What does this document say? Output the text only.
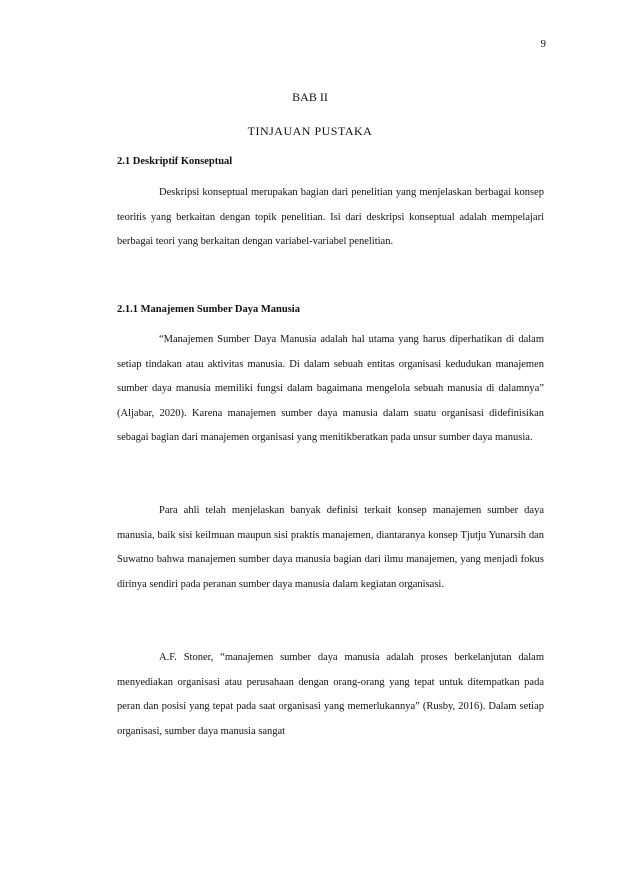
9
BAB II
TINJAUAN PUSTAKA
2.1 Deskriptif Konseptual

Deskripsi konseptual merupakan bagian dari penelitian yang menjelaskan berbagai konsep teoritis yang berkaitan dengan topik penelitian. Isi dari deskripsi konseptual adalah mempelajari berbagai teori yang berkaitan dengan variabel-variabel penelitian.

2.1.1 Manajemen Sumber Daya Manusia

“Manajemen Sumber Daya Manusia adalah hal utama yang harus diperhatikan di dalam setiap tindakan atau aktivitas manusia. Di dalam sebuah entitas organisasi kedudukan manajemen sumber daya manusia memiliki fungsi dalam bagaimana mengelola sebuah manusia di dalamnya” (Aljabar, 2020). Karena manajemen sumber daya manusia dalam suatu organisasi didefinisikan sebagai bagian dari manajemen organisasi yang menitikberatkan pada unsur sumber daya manusia.

Para ahli telah menjelaskan banyak definisi terkait konsep manajemen sumber daya manusia, baik sisi keilmuan maupun sisi praktis manajemen, diantaranya konsep Tjutju Yunarsih dan Suwatno bahwa manajemen sumber daya manusia bagian dari ilmu manajemen, yang menjadi fokus dirinya sendiri pada peranan sumber daya manusia dalam kegiatan organisasi.

A.F. Stoner, “manajemen sumber daya manusia adalah proses berkelanjutan dalam menyediakan organisasi atau perusahaan dengan orang-orang yang tepat untuk ditempatkan pada peran dan posisi yang tepat pada saat organisasi yang memerlukannya” (Rusby, 2016). Dalam setiap organisasi, sumber daya manusia sangat
